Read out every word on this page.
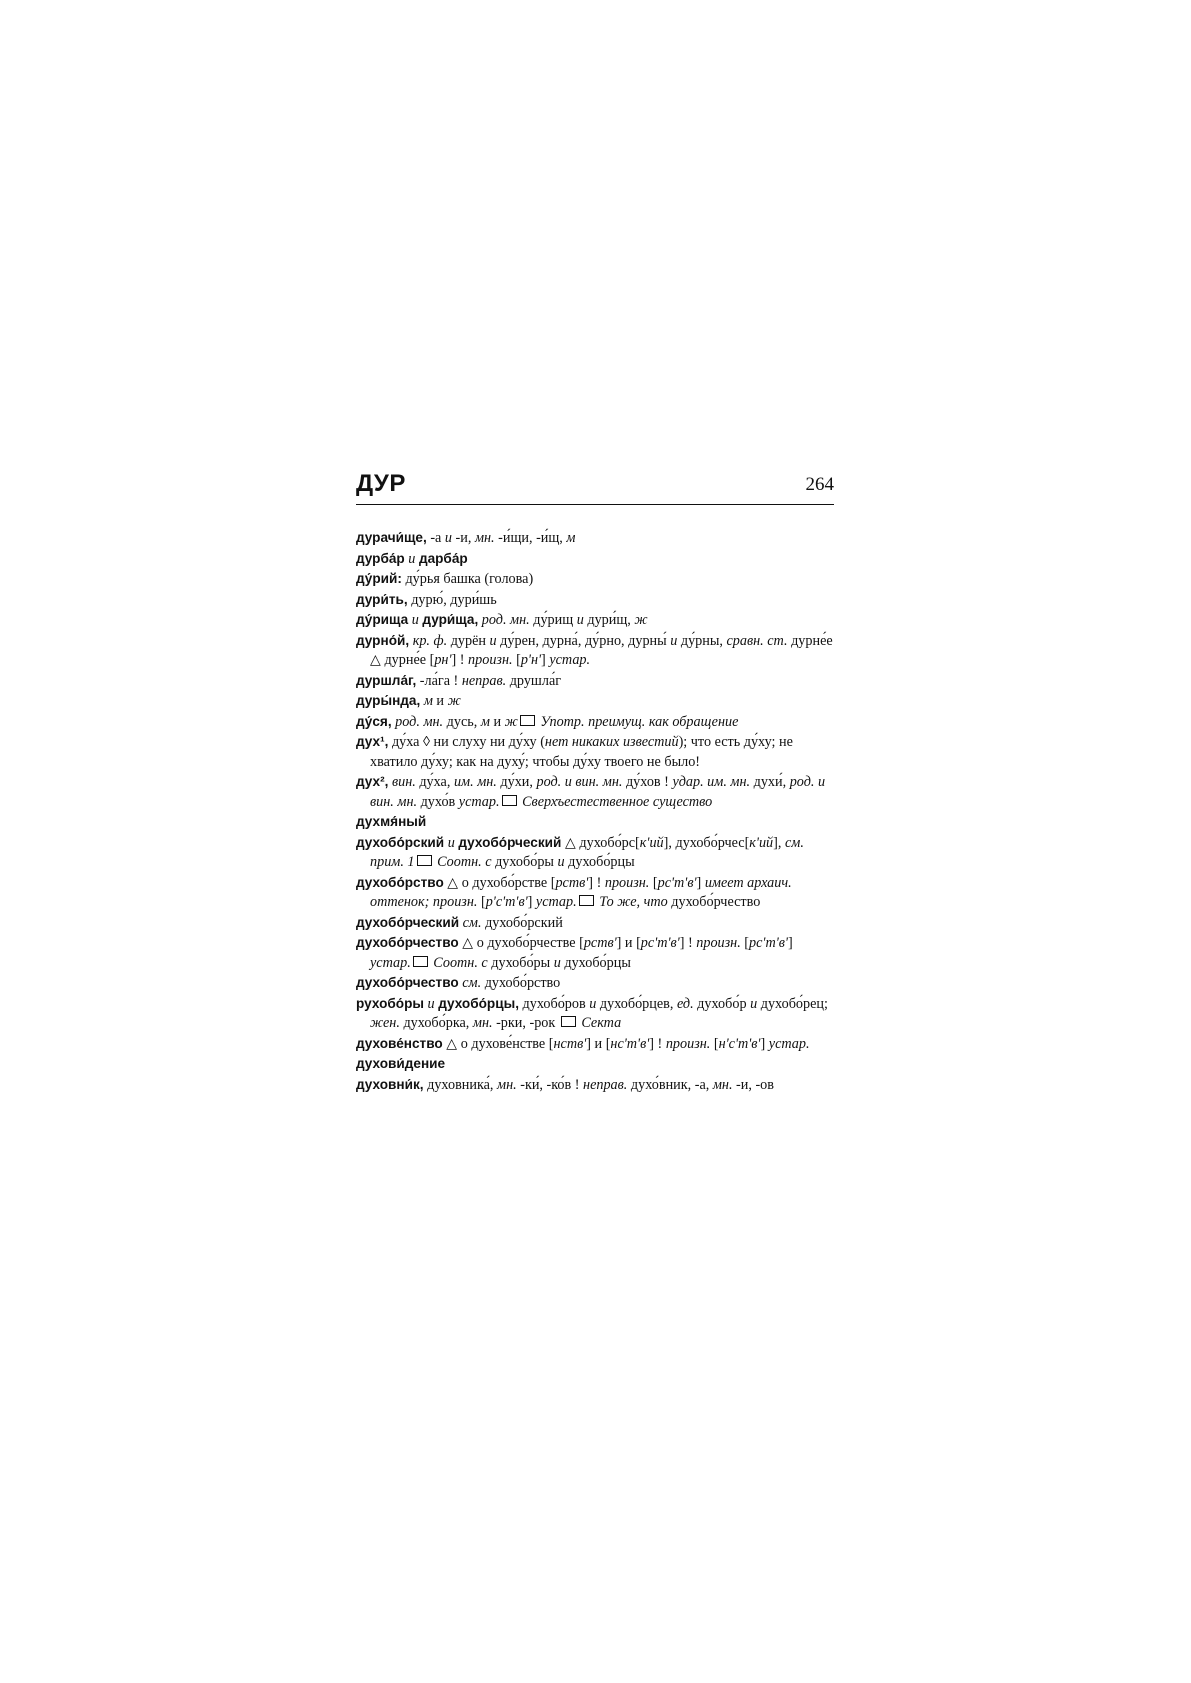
ДУР	264

дурачи́ще, -а и -и, мн. -и́щи, -и́щ, м

дурба́р и дарба́р

ду́рий: ду́рья башка (голова)

дури́ть, дурю́, дури́шь

ду́рища и дури́ща, род. мн. ду́рищ и дури́щ, ж

дурно́й, кр. ф. дурён и ду́рен, дурна́, ду́рно, дурны́ и ду́рны, сравн. ст. дурне́е △ дурне́е [рн'] ! произн. [р'н'] устар.

дуршла́г, -ла́га ! неправ. друшла́г

дуры́нда, м и ж

ду́ся, род. мн. дусь, м и ж Употр. преимущ. как обращение

дух¹, ду́ха ◊ ни слуху ни ду́ху (нет никаких известий); что есть ду́ху; не хватило ду́ху; как на духу́; чтобы ду́ху твоего не было!

дух², вин. ду́ха, им. мн. ду́хи, род. и вин. мн. ду́хов ! удар. им. мн. духи́, род. и вин. мн. духо́в устар. Сверхъестественное существо

духмя́ный

духобо́рский и духобо́рческий △ духобо́рс[к'ий], духобо́рчес[к'ий], см. прим. 1 Соотн. с духобо́ры и духобо́рцы

духобо́рство △ о духобо́рстве [рств'] ! произн. [рс'т'в'] имеет архаич. оттенок; произн. [р'с'т'в'] устар. То же, что духобо́рчество

духобо́рческий см. духобо́рский

духобо́рчество △ о духобо́рчестве [рств'] и [рс'т'в'] ! произн. [рс'т'в'] устар. Соотн. с духобо́ры и духобо́рцы

духобо́рчество см. духобо́рство

рухобо́ры и духобо́рцы, духобо́ров и духобо́рцев, ед. духобо́р и духобо́рец; жен. духобо́рка, мн. -рки, -рок  Секта

духове́нство △ о духове́нстве [нств'] и [нс'т'в'] ! произн. [н'с'т'в'] устар.

духови́дение

духовни́к, духовника́, мн. -ки́, -ко́в ! неправ. духо́вник, -а, мн. -и, -ов
